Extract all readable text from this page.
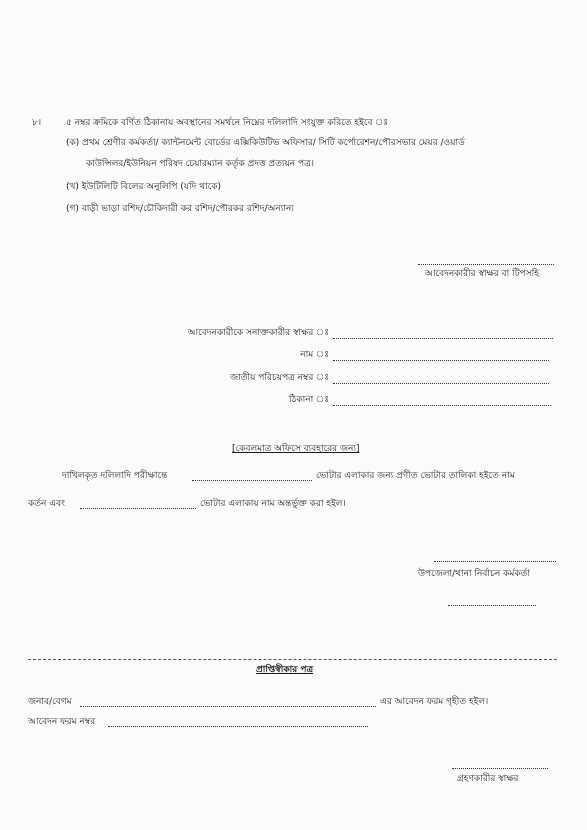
৮।	৫ নম্বর ক্রমিকে বর্ণিত ঠিকানায় অবস্থানের সমর্থনে নিম্নের দলিলাদি সংযুক্ত করিতে হইবে ঃ
(ক) প্রথম শ্রেণীর কর্মকর্তা/ ক্যান্টনমেন্ট বোর্ডের এক্সিকিউটিভ অফিসার/ সিটি কর্পোরেশন/পৌরসভার মেয়র /ওয়ার্ড
কাউন্সিলর/ইউনিয়ন পরিষদ চেয়ারম্যান কর্তৃক প্রদত্ত প্রত্যয়ন পত্র।
(খ) ইউটিলিটি বিলের অনুলিপি (যদি থাকে)
(গ) বাড়ী ভাড়া রশিদ/চৌকিদারী কর রশিদ/পৌরকর রশিদ/অন্যান্য
আবেদনকারীর স্বাক্ষর বা টিপসহি
আবেদনকারীকে সনাক্তকারীর স্বাক্ষর ঃ
নাম ঃ
জাতীয় পরিচয়পত্র নম্বর ঃ
ঠিকানা ঃ
[কেবলমাত্র অফিসে ব্যবহারের জন্য]
দাখিলকৃত দলিলাদি পরীক্ষান্তে	ভোটার এলাকার জন্য প্রণীত ভোটার তালিকা হইতে নাম
কর্তন এবং	ভোটার এলাকায় নাম অন্তর্ভুক্ত করা হইল।
উপজেলা/থানা নির্বাচন কর্মকর্তা
প্রাপ্তিস্বীকার পত্র
জনাব/বেগম	এর আবেদন ফরম গৃহীত হইল।
আবেদন ফরম নম্বর
গ্রহণকারীর স্বাক্ষর
